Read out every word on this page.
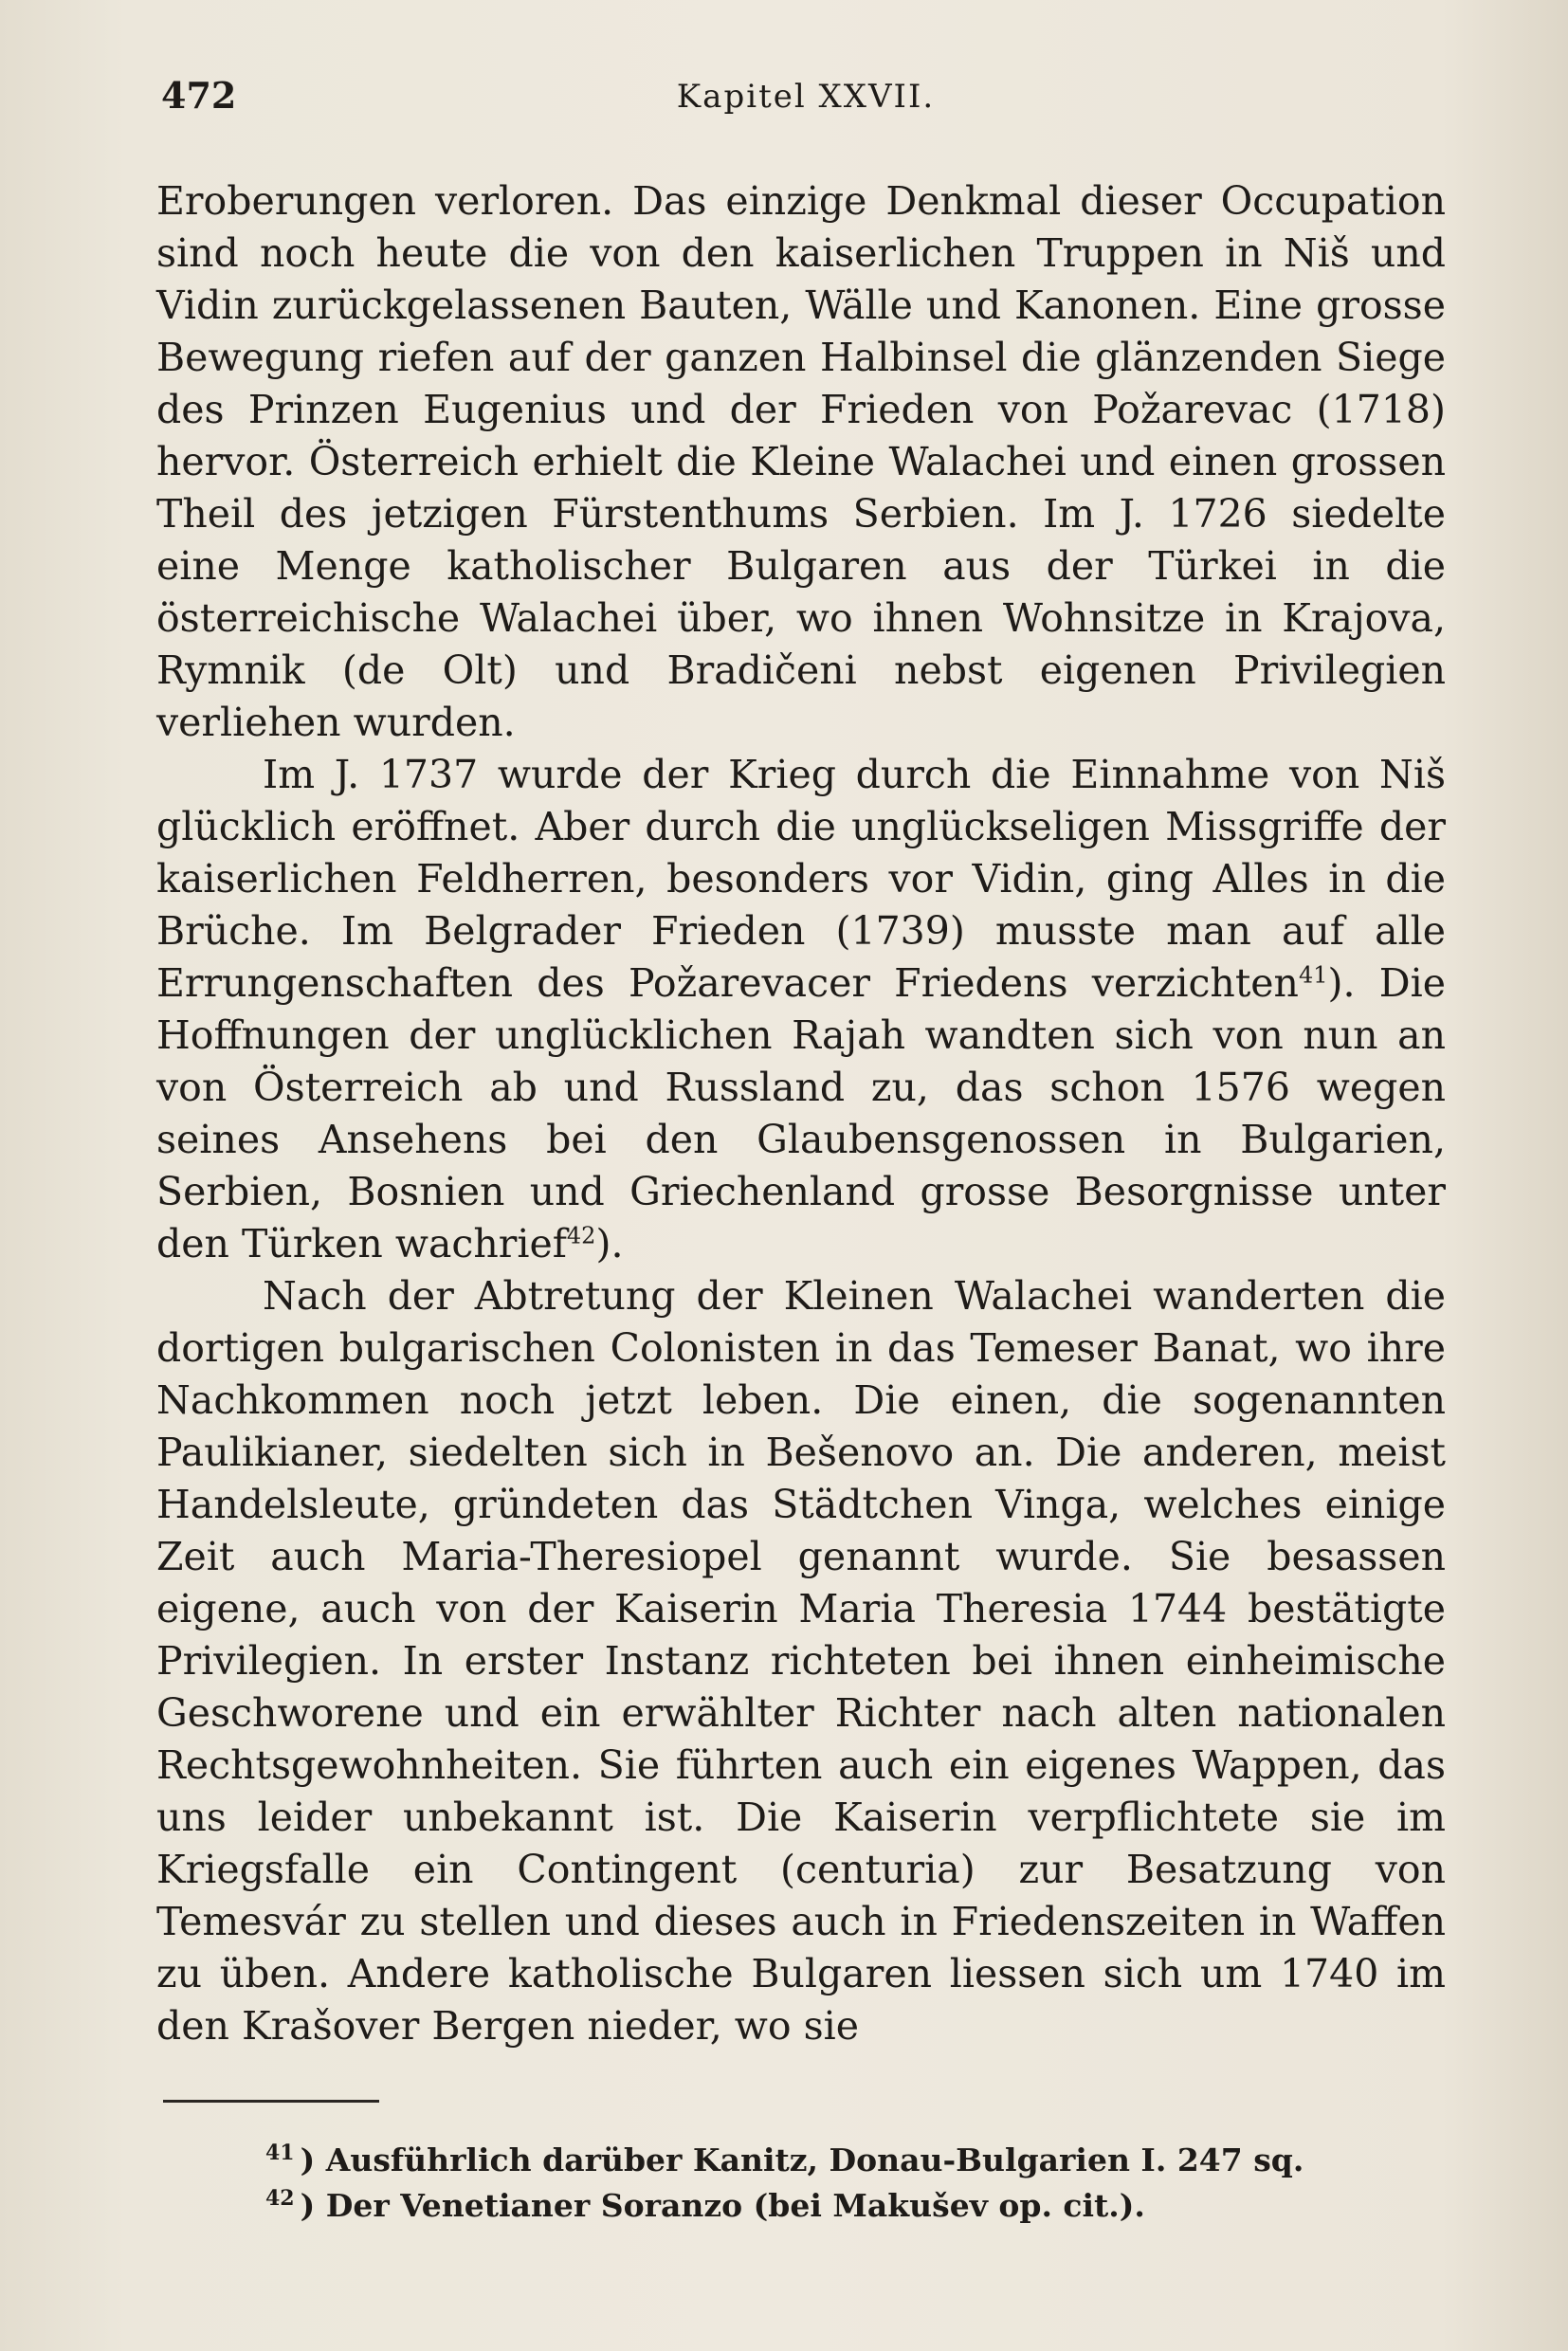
472	Kapitel XXVII.

Eroberungen verloren. Das einzige Denkmal dieser Occupation sind noch heute die von den kaiserlichen Truppen in Niš und Vidin zurückgelassenen Bauten, Wälle und Kanonen. Eine grosse Bewegung riefen auf der ganzen Halbinsel die glänzenden Siege des Prinzen Eugenius und der Frieden von Požarevac (1718) hervor. Österreich erhielt die Kleine Walachei und einen grossen Theil des jetzigen Fürstenthums Serbien. Im J. 1726 siedelte eine Menge katholischer Bulgaren aus der Türkei in die österreichische Walachei über, wo ihnen Wohnsitze in Krajova, Rymnik (de Olt) und Bradičeni nebst eigenen Privilegien verliehen wurden.

Im J. 1737 wurde der Krieg durch die Einnahme von Niš glücklich eröffnet. Aber durch die unglückseligen Missgriffe der kaiserlichen Feldherren, besonders vor Vidin, ging Alles in die Brüche. Im Belgrader Frieden (1739) musste man auf alle Errungenschaften des Požarevacer Friedens verzichten$^{41}$). Die Hoffnungen der unglücklichen Rajah wandten sich von nun an von Österreich ab und Russland zu, das schon 1576 wegen seines Ansehens bei den Glaubensgenossen in Bulgarien, Serbien, Bosnien und Griechenland grosse Besorgnisse unter den Türken wachrief$^{42}$).

Nach der Abtretung der Kleinen Walachei wanderten die dortigen bulgarischen Colonisten in das Temeser Banat, wo ihre Nachkommen noch jetzt leben. Die einen, die sogenannten Paulikianer, siedelten sich in Bešenovo an. Die anderen, meist Handelsleute, gründeten das Städtchen Vinga, welches einige Zeit auch Maria-Theresiopel genannt wurde. Sie besassen eigene, auch von der Kaiserin Maria Theresia 1744 bestätigte Privilegien. In erster Instanz richteten bei ihnen einheimische Geschworene und ein erwählter Richter nach alten nationalen Rechtsgewohnheiten. Sie führten auch ein eigenes Wappen, das uns leider unbekannt ist. Die Kaiserin verpflichtete sie im Kriegsfalle ein Contingent (centuria) zur Besatzung von Temesvár zu stellen und dieses auch in Friedenszeiten in Waffen zu üben. Andere katholische Bulgaren liessen sich um 1740 im den Krašover Bergen nieder, wo sie

$^{41}$ ) Ausführlich darüber Kanitz, Donau-Bulgarien I. 247 sq.

$^{42}$ ) Der Venetianer Soranzo (bei Makušev op. cit.).
